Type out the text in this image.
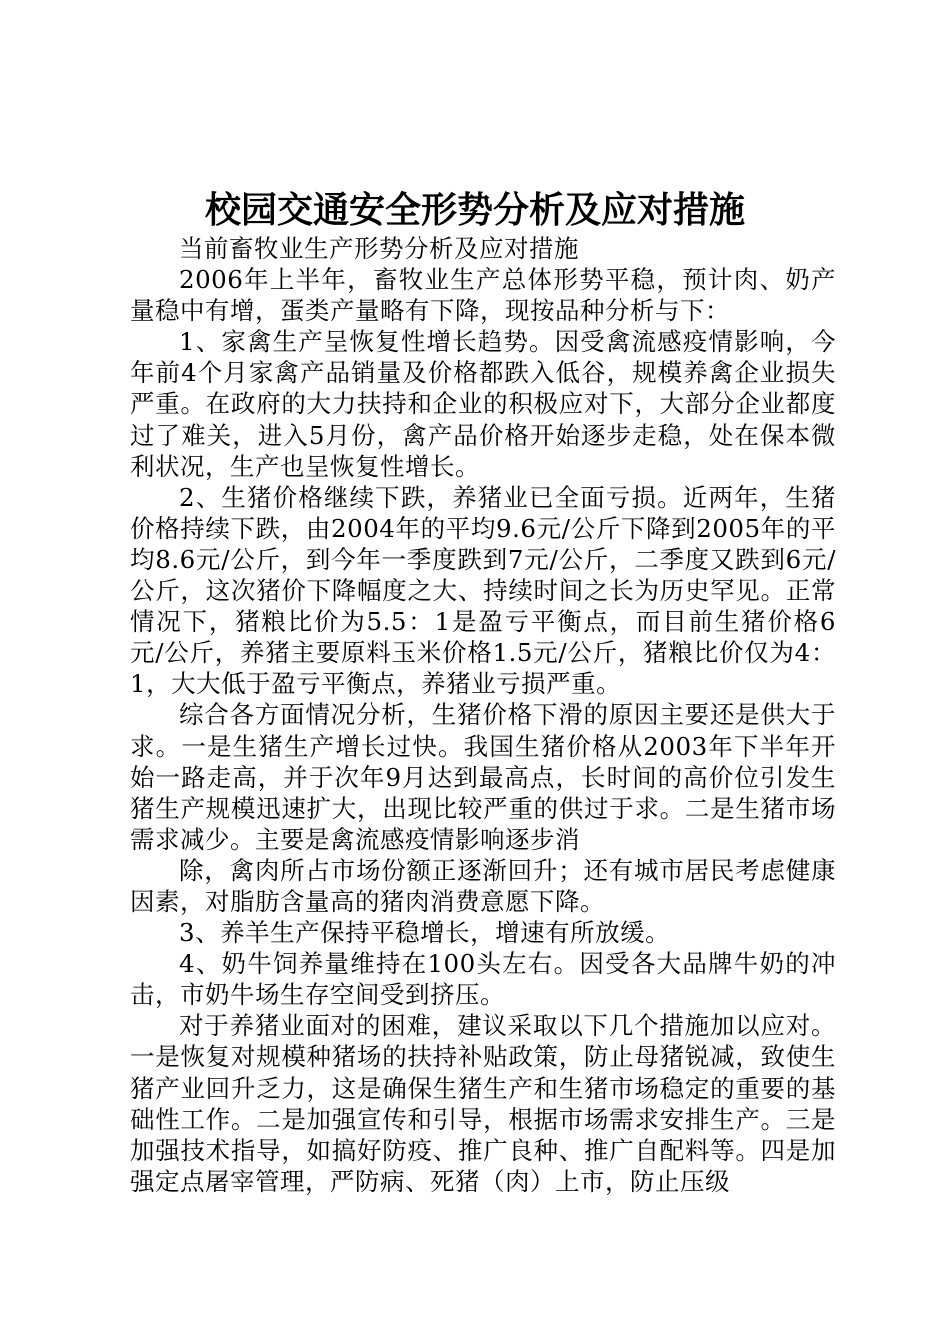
校园交通安全形势分析及应对措施

当前畜牧业生产形势分析及应对措施

2006年上半年，畜牧业生产总体形势平稳，预计肉、奶产量稳中有增，蛋类产量略有下降，现按品种分析与下：

1、家禽生产呈恢复性增长趋势。因受禽流感疫情影响，今年前4个月家禽产品销量及价格都跌入低谷，规模养禽企业损失严重。在政府的大力扶持和企业的积极应对下，大部分企业都度过了难关，进入5月份，禽产品价格开始逐步走稳，处在保本微利状况，生产也呈恢复性增长。

2、生猪价格继续下跌，养猪业已全面亏损。近两年，生猪价格持续下跌，由2004年的平均9.6元/公斤下降到2005年的平均8.6元/公斤，到今年一季度跌到7元/公斤，二季度又跌到6元/公斤，这次猪价下降幅度之大、持续时间之长为历史罕见。正常情况下，猪粮比价为5.5：1是盈亏平衡点，而目前生猪价格6元/公斤，养猪主要原料玉米价格1.5元/公斤，猪粮比价仅为4：1，大大低于盈亏平衡点，养猪业亏损严重。

综合各方面情况分析，生猪价格下滑的原因主要还是供大于求。一是生猪生产增长过快。我国生猪价格从2003年下半年开始一路走高，并于次年9月达到最高点，长时间的高价位引发生猪生产规模迅速扩大，出现比较严重的供过于求。二是生猪市场需求减少。主要是禽流感疫情影响逐步消

除，禽肉所占市场份额正逐渐回升；还有城市居民考虑健康因素，对脂肪含量高的猪肉消费意愿下降。

3、养羊生产保持平稳增长，增速有所放缓。

4、奶牛饲养量维持在100头左右。因受各大品牌牛奶的冲击，市奶牛场生存空间受到挤压。

对于养猪业面对的困难，建议采取以下几个措施加以应对。一是恢复对规模种猪场的扶持补贴政策，防止母猪锐减，致使生猪产业回升乏力，这是确保生猪生产和生猪市场稳定的重要的基础性工作。二是加强宣传和引导，根据市场需求安排生产。三是加强技术指导，如搞好防疫、推广良种、推广自配料等。四是加强定点屠宰管理，严防病、死猪（肉）上市，防止压级
